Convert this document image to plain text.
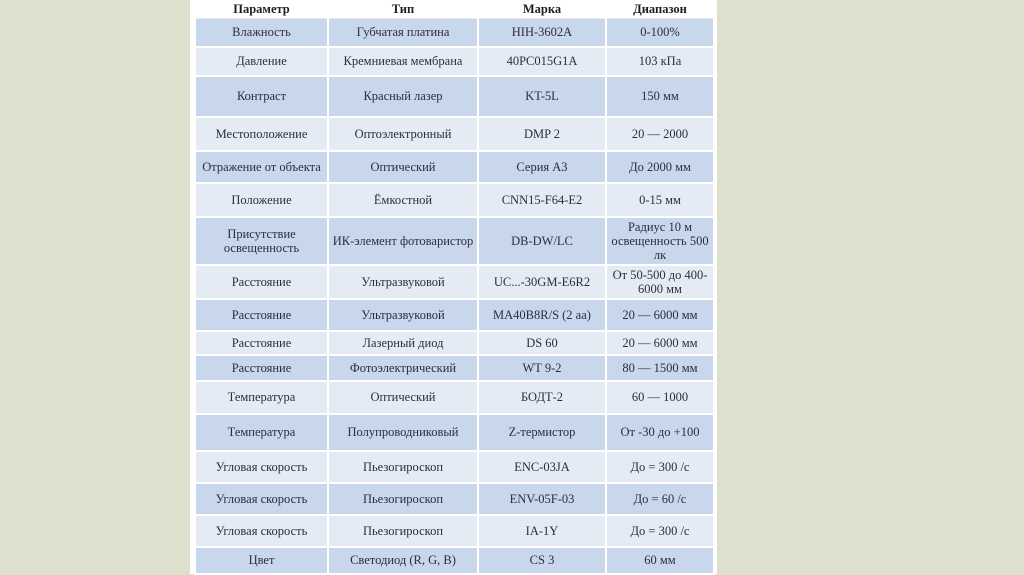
Параметр	Тип	Марка	Диапазон
Влажность	Губчатая платина	HIH-3602A	0-100%
Давление	Кремниевая мембрана	40PC015G1A	103 кПа
Контраст	Красный лазер	KT-5L	150 мм
Местоположение	Оптоэлектронный	DMP 2	20 — 2000
Отражение от объекта	Оптический	Серия А3	До 2000 мм
Положение	Ёмкостной	CNN15-F64-E2	0-15 мм
Присутствие освещенность	ИК-элемент фотоваристор	DB-DW/LC	Радиус 10 м освещенность 500 лк
Расстояние	Ультразвуковой	UC...-30GM-E6R2	От 50-500 до 400-6000 мм
Расстояние	Ультразвуковой	MA40B8R/S (2 aa)	20 — 6000 мм
Расстояние	Лазерный диод	DS 60	20 — 6000 мм
Расстояние	Фотоэлектрический	WT 9-2	80 — 1500 мм
Температура	Оптический	БОДТ-2	60 — 1000
Температура	Полупроводниковый	Z-термистор	От -30 до +100
Угловая скорость	Пьезогироскоп	ENC-03JA	До = 300 /с
Угловая скорость	Пьезогироскоп	ENV-05F-03	До = 60 /с
Угловая скорость	Пьезогироскоп	IA-1Y	До = 300 /с
Цвет	Светодиод (R, G, B)	CS 3	60 мм
